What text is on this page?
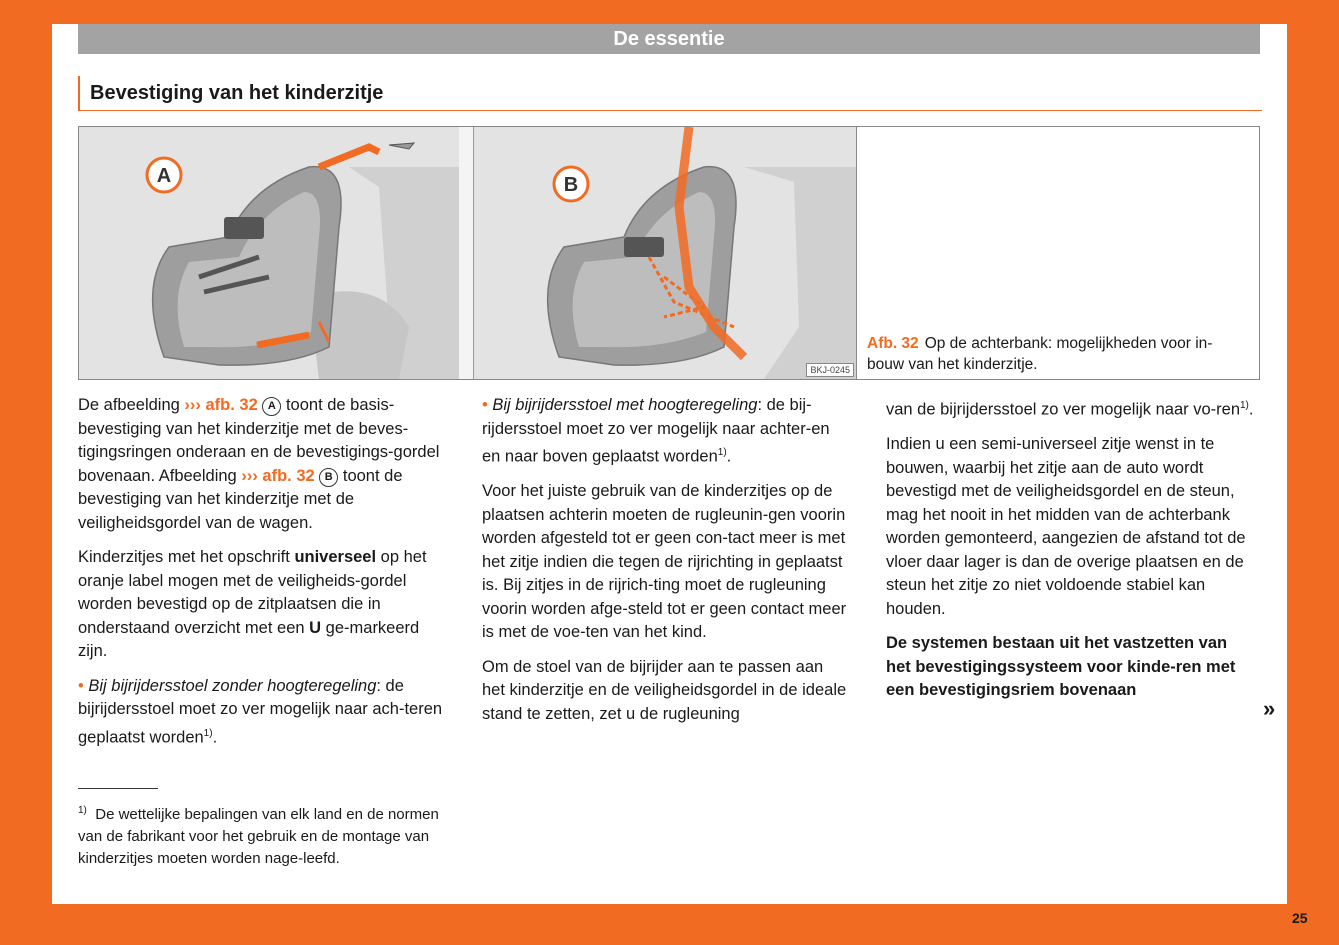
De essentie
Bevestiging van het kinderzitje
A	B
BKJ-0245
Afb. 32 Op de achterbank: mogelijkheden voor in-bouw van het kinderzitje.

De afbeelding ››› afb. 32 A toont de basis-bevestiging van het kinderzitje met de beves-tigingsringen onderaan en de bevestigings-gordel bovenaan. Afbeelding ››› afb. 32 B toont de bevestiging van het kinderzitje met de veiligheidsgordel van de wagen.

Kinderzitjes met het opschrift universeel op het oranje label mogen met de veiligheids-gordel worden bevestigd op de zitplaatsen die in onderstaand overzicht met een U ge-markeerd zijn.

• Bij bijrijdersstoel zonder hoogteregeling: de bijrijdersstoel moet zo ver mogelijk naar ach-teren geplaatst worden$^{1)}$.

• Bij bijrijdersstoel met hoogteregeling: de bij-rijdersstoel moet zo ver mogelijk naar achter-en en naar boven geplaatst worden$^{1)}$.

Voor het juiste gebruik van de kinderzitjes op de plaatsen achterin moeten de rugleunin-gen voorin worden afgesteld tot er geen con-tact meer is met het zitje indien die tegen de rijrichting in geplaatst is. Bij zitjes in de rijrich-ting moet de rugleuning voorin worden afge-steld tot er geen contact meer is met de voe-ten van het kind.

Om de stoel van de bijrijder aan te passen aan het kinderzitje en de veiligheidsgordel in de ideale stand te zetten, zet u de rugleuning

van de bijrijdersstoel zo ver mogelijk naar vo-ren$^{1)}$.

Indien u een semi-universeel zitje wenst in te bouwen, waarbij het zitje aan de auto wordt bevestigd met de veiligheidsgordel en de steun, mag het nooit in het midden van de achterbank worden gemonteerd, aangezien de afstand tot de vloer daar lager is dan de overige plaatsen en de steun het zitje zo niet voldoende stabiel kan houden.

De systemen bestaan uit het vastzetten van het bevestigingssysteem voor kinde-ren met een bevestigingsriem bovenaan

»
$^{1)}$ De wettelijke bepalingen van elk land en de normen van de fabrikant voor het gebruik en de montage van kinderzitjes moeten worden nage-leefd.
25
